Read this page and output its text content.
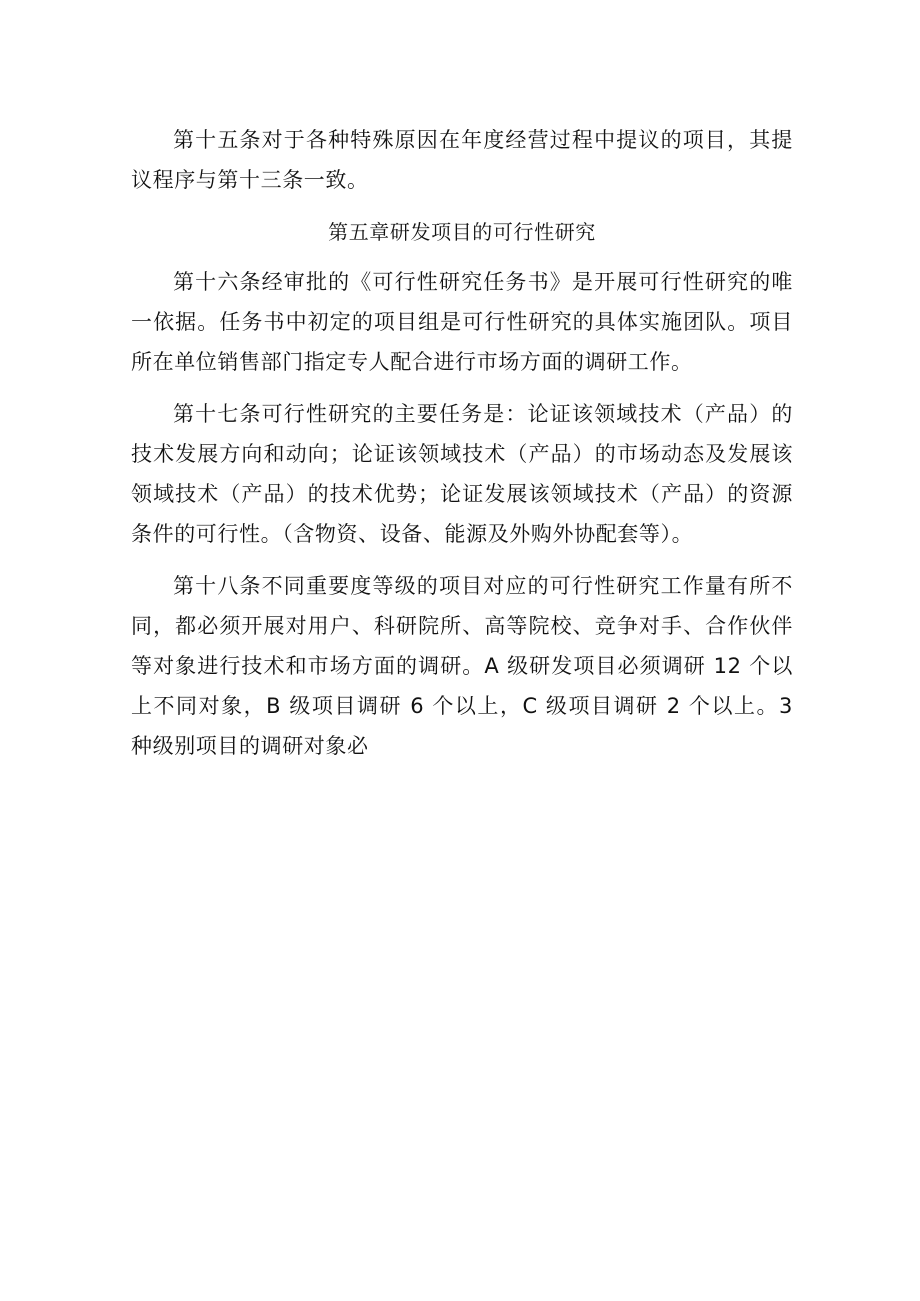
第十五条对于各种特殊原因在年度经营过程中提议的项目，其提议程序与第十三条一致。

第五章研发项目的可行性研究

第十六条经审批的《可行性研究任务书》是开展可行性研究的唯一依据。任务书中初定的项目组是可行性研究的具体实施团队。项目所在单位销售部门指定专人配合进行市场方面的调研工作。

第十七条可行性研究的主要任务是：论证该领域技术（产品）的技术发展方向和动向；论证该领域技术（产品）的市场动态及发展该领域技术（产品）的技术优势；论证发展该领域技术（产品）的资源条件的可行性。（含物资、设备、能源及外购外协配套等）。

第十八条不同重要度等级的项目对应的可行性研究工作量有所不同，都必须开展对用户、科研院所、高等院校、竞争对手、合作伙伴等对象进行技术和市场方面的调研。A 级研发项目必须调研 12 个以上不同对象，B 级项目调研 6 个以上，C 级项目调研 2 个以上。3 种级别项目的调研对象必
